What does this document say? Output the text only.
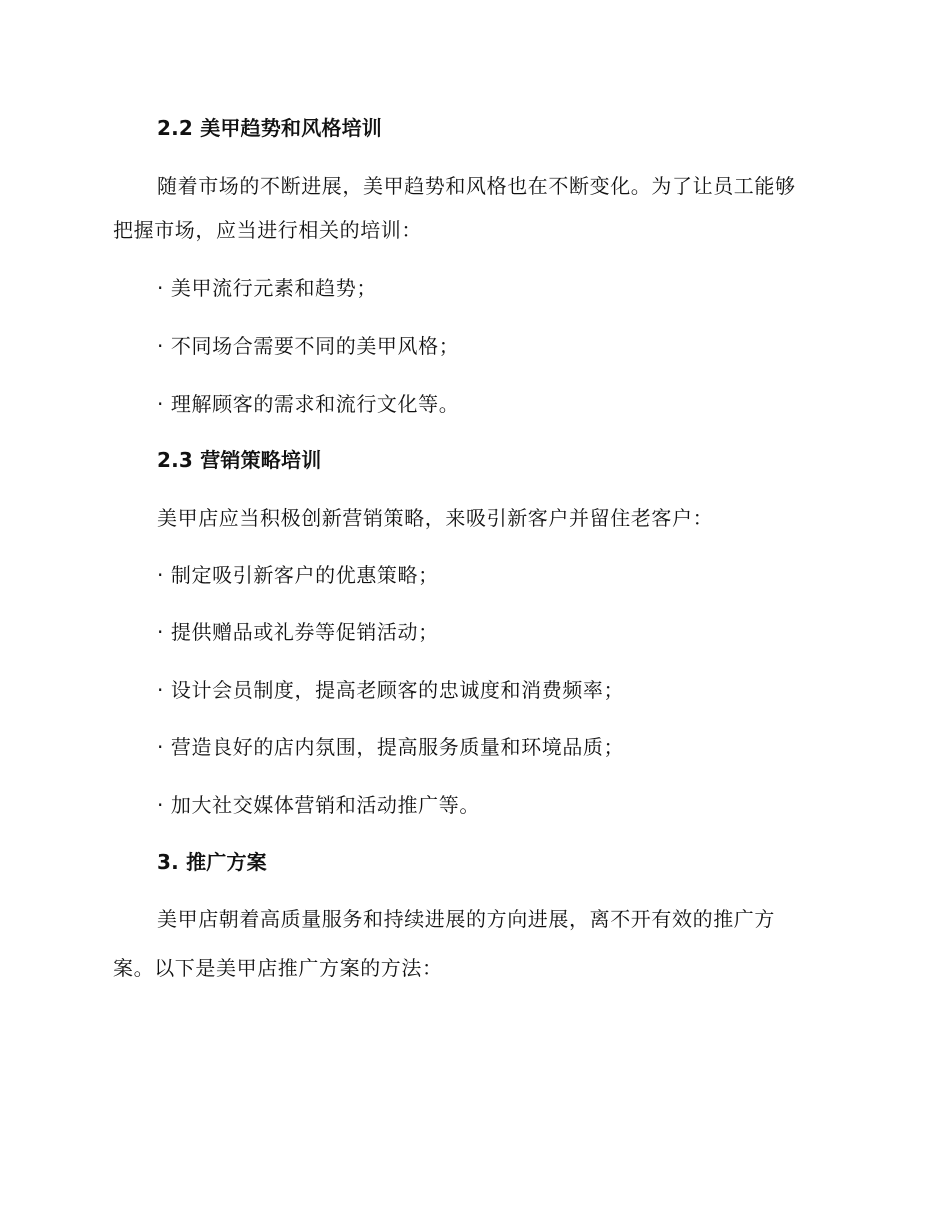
2.2 美甲趋势和风格培训
随着市场的不断进展，美甲趋势和风格也在不断变化。为了让员工能够
把握市场，应当进行相关的培训：
· 美甲流行元素和趋势；
· 不同场合需要不同的美甲风格；
· 理解顾客的需求和流行文化等。
2.3 营销策略培训
美甲店应当积极创新营销策略，来吸引新客户并留住老客户：
· 制定吸引新客户的优惠策略；
· 提供赠品或礼券等促销活动；
· 设计会员制度，提高老顾客的忠诚度和消费频率；
· 营造良好的店内氛围，提高服务质量和环境品质；
· 加大社交媒体营销和活动推广等。
3. 推广方案
美甲店朝着高质量服务和持续进展的方向进展，离不开有效的推广方
案。以下是美甲店推广方案的方法：
